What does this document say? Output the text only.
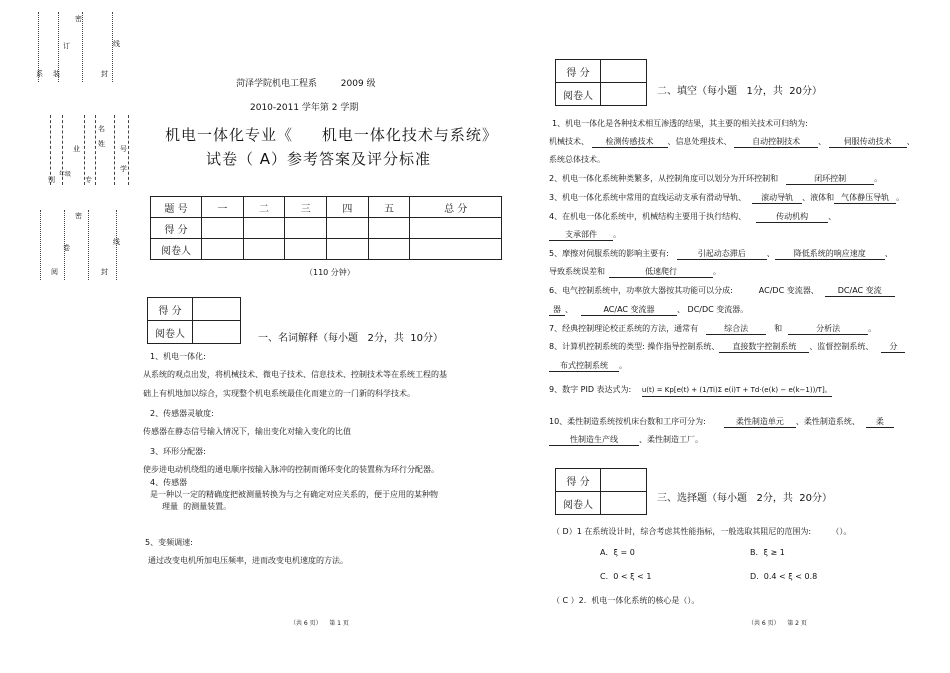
系 装
订
密
封
线
别
年级
业
专
名
姓
号
学
阅
卷
密
封
线
菏泽学院机电工程系	2009 级
2010-2011 学年第 2 学期
机电一体化专业《     机电一体化技术与系统》
试卷（ A）参考答案及评分标准
题 号	一	二	三	四	五	总 分
得 分						
阅卷人						
（110 分钟）
得 分	
阅卷人		一、名词解释（每小题   2分，共  10分）
1、机电一体化:
从系统的观点出发，将机械技术、微电子技术、信息技术、控制技术等在系统工程的基
础上有机地加以综合，实现整个机电系统最佳化而建立的一门新的科学技术。
2、传感器灵敏度:
传感器在静态信号输入情况下，输出变化对输入变化的比值
3、环形分配器:
使步进电动机绕组的通电顺序按输入脉冲的控制而循环变化的装置称为环行分配器。
4、传感器
是一种以一定的精确度把被测量转换为与之有确定对应关系的，便于应用的某种物
理量  的测量装置。
5、变频调速:
通过改变电机所加电压频率，进而改变电机速度的方法。
（共 6 页）    第 1 页
得 分	
阅卷人		二、填空（每小题   1分，共  20分）
1、机电一体化是各种技术相互渗透的结果，其主要的相关技术可归纳为:
机械技术、 检测传感技术 、信息处理技术、	自动控制技术 、 伺服传动技术 、
系统总体技术。
2、机电一体化系统种类繁多，从控制角度可以划分为开环控制和	闭环控制	。
3、机电一体化系统中常用的直线运动支承有滑动导轨、 滚动导轨 、液体和 气体静压导轨 。
4、在机电一体化系统中，机械结构主要用于执行结构、	传动机构	、
支承部件 。
5、摩擦对伺服系统的影响主要有:	引起动态滞后	、 降低系统的响应速度 、
导致系统误差和	低速爬行	。
6、电气控制系统中，功率放大器按其功能可以分成:	AC/DC 变流器、 DC/AC 变流
器 、	AC/AC 变流器	、 DC/DC 变流器。
7、经典控制理论校正系统的方法，通常有	综合法	和	分析法	。
8、计算机控制系统的类型: 操作指导控制系统、 直接数字控制系统 、监督控制系统、 分
布式控制系统 。
9、数字 PID 表达式为: u(t) = Kp[e(t) + (1/Ti)Σ e(i)T + Td·(e(k) − e(k−1))/T]。
10、柔性制造系统按机床台数和工序可分为:	柔性制造单元 、柔性制造系统、 柔
性制造生产线	、柔性制造工厂。
得 分	
阅卷人	
三、选择题（每小题   2分，共  20分）
（ D）1 在系统设计时，综合考虑其性能指标，一般选取其阻尼的范围为:        （）。
A．ξ = 0	B．ξ ≥ 1
C.  0 < ξ < 1	D.  0.4 < ξ < 0.8
（ C ）2.  机电一体化系统的核心是（）。
（共 6 页）    第 2 页
